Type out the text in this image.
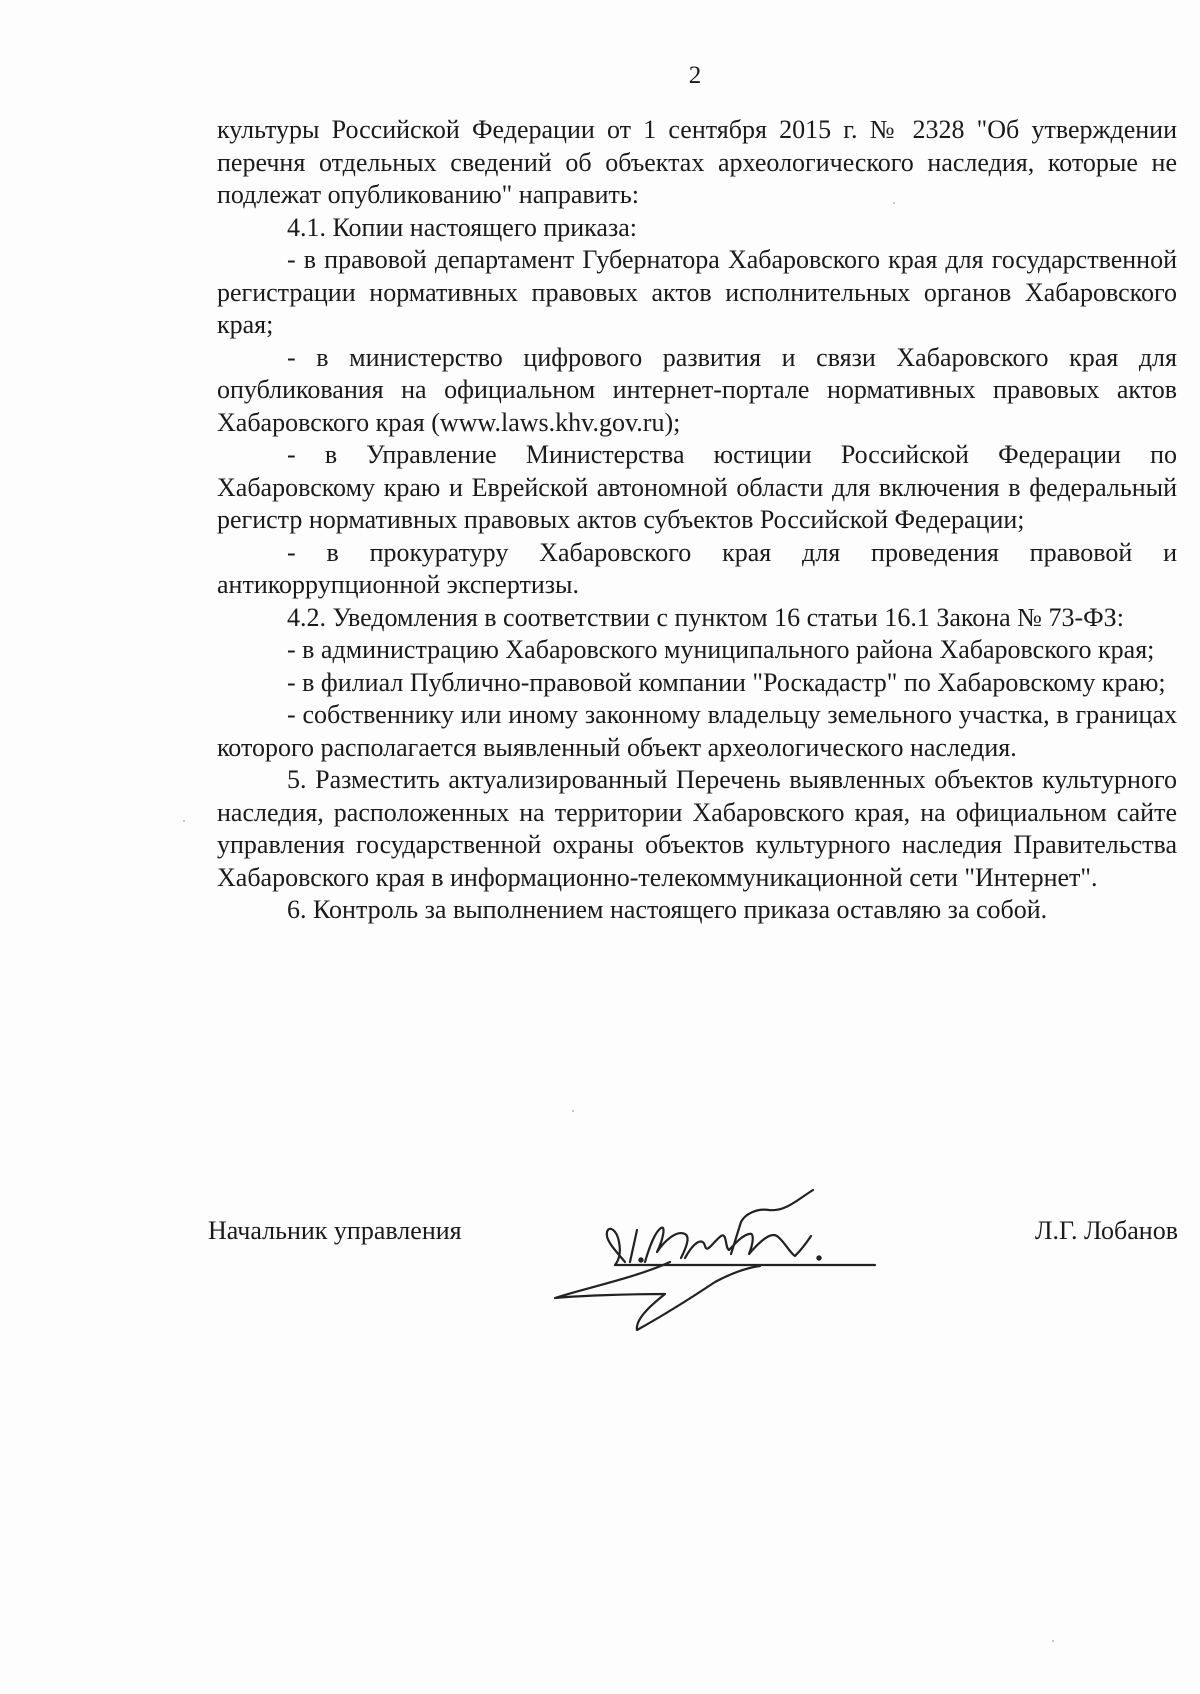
2

культуры Российской Федерации от 1 сентября 2015 г. № 2328 "Об утверждении перечня отдельных сведений об объектах археологического наследия, которые не подлежат опубликованию" направить:

4.1. Копии настоящего приказа:

- в правовой департамент Губернатора Хабаровского края для государственной регистрации нормативных правовых актов исполнительных органов Хабаровского края;

- в министерство цифрового развития и связи Хабаровского края для опубликования на официальном интернет-портале нормативных правовых актов Хабаровского края (www.laws.khv.gov.ru);

- в Управление Министерства юстиции Российской Федерации по Хабаровскому краю и Еврейской автономной области для включения в федеральный регистр нормативных правовых актов субъектов Российской Федерации;

- в прокуратуру Хабаровского края для проведения правовой и антикоррупционной экспертизы.

4.2. Уведомления в соответствии с пунктом 16 статьи 16.1 Закона № 73-ФЗ:

- в администрацию Хабаровского муниципального района Хабаровского края;

- в филиал Публично-правовой компании "Роскадастр" по Хабаровскому краю;

- собственнику или иному законному владельцу земельного участка, в границах которого располагается выявленный объект археологического наследия.

5. Разместить актуализированный Перечень выявленных объектов культурного наследия, расположенных на территории Хабаровского края, на официальном сайте управления государственной охраны объектов культурного наследия Правительства Хабаровского края в информационно-телекоммуникационной сети "Интернет".

6. Контроль за выполнением настоящего приказа оставляю за собой.

Начальник управления	Л.Г. Лобанов
